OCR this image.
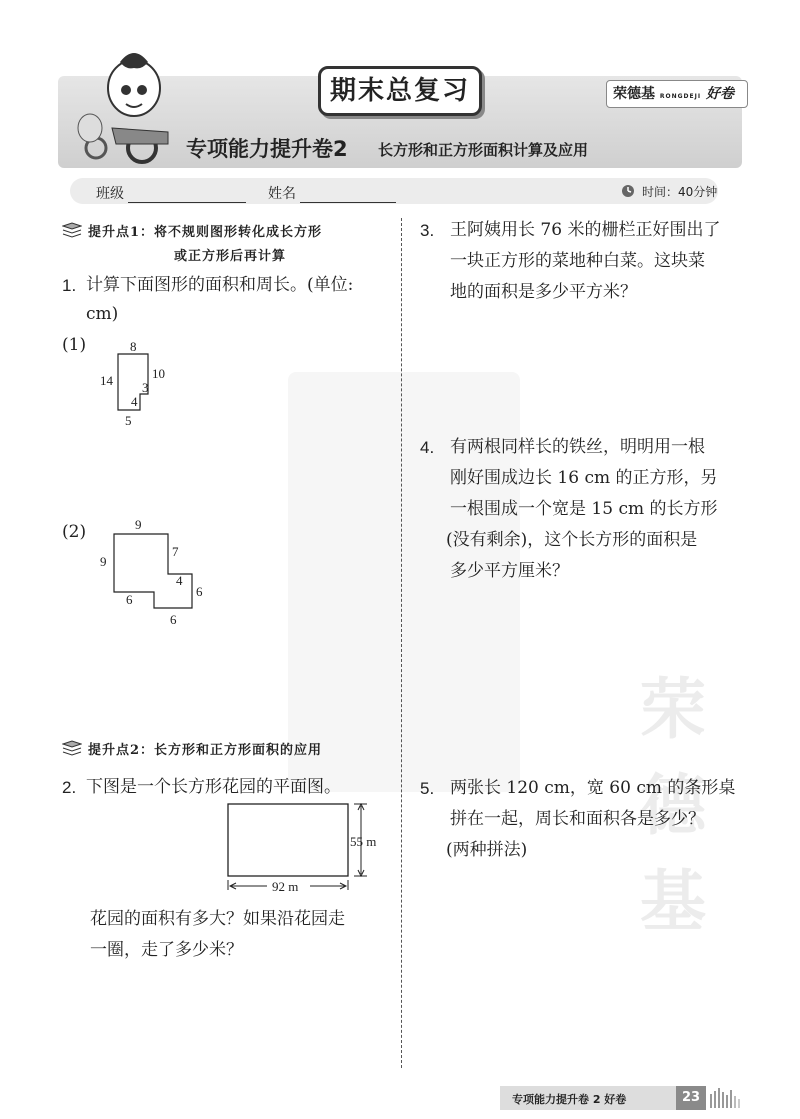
期末总复习	荣德基 RONGDEJI 好卷
专项能力提升卷2 长方形和正方形面积计算及应用
班级	姓名	时间：40分钟
荣
德
基
提升点1：将不规则图形转化成长方形
或正方形后再计算
1. 计算下面图形的面积和周长。(单位:
cm)
(1)	8
14	10
3
4
5
(2)	9
9
7
4
6
6
6
提升点2：长方形和正方形面积的应用
2. 下图是一个长方形花园的平面图。
55 m
92 m
花园的面积有多大？如果沿花园走
一圈，走了多少米？
3. 王阿姨用长 76 米的栅栏正好围出了
一块正方形的菜地种白菜。这块菜
地的面积是多少平方米？
4. 有两根同样长的铁丝，明明用一根
刚好围成边长 16 cm 的正方形，另
一根围成一个宽是 15 cm 的长方形
(没有剩余)，这个长方形的面积是
多少平方厘米？
5. 两张长 120 cm，宽 60 cm 的条形桌
拼在一起，周长和面积各是多少？
(两种拼法)
专项能力提升卷 2 好卷	23
